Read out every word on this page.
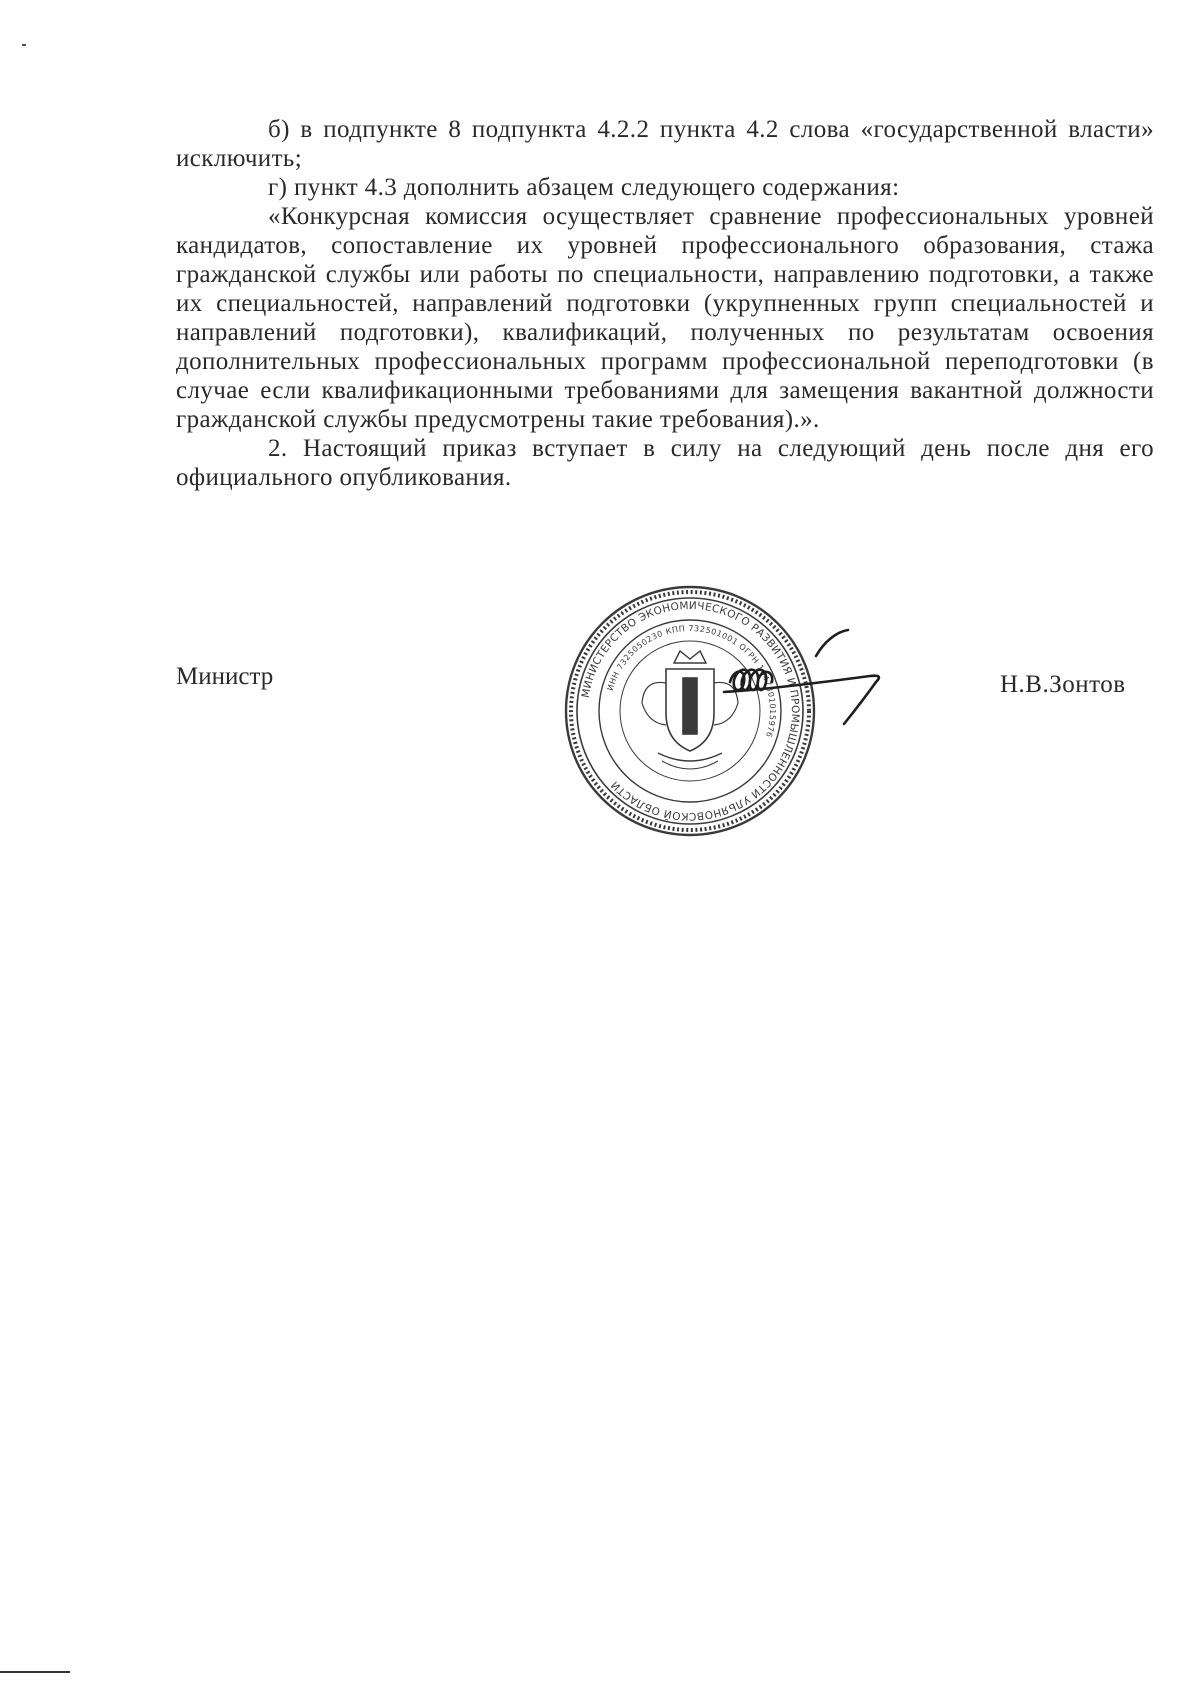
б) в подпункте 8 подпункта 4.2.2 пункта 4.2 слова «государственной власти» исключить;

г) пункт 4.3 дополнить абзацем следующего содержания:

«Конкурсная комиссия осуществляет сравнение профессиональных уровней кандидатов, сопоставление их уровней профессионального образования, стажа гражданской службы или работы по специальности, направлению подготовки, а также их специальностей, направлений подготовки (укрупненных групп специальностей и направлений подготовки), квалификаций, полученных по результатам освоения дополнительных профессиональных программ профессиональной переподготовки (в случае если квалификационными требованиями для замещения вакантной должности гражданской службы предусмотрены такие требования).».

2. Настоящий приказ вступает в силу на следующий день после дня его официального опубликования.

Министр
МИНИСТЕРСТВО ЭКОНОМИЧЕСКОГО РАЗВИТИЯ И ПРОМЫШЛЕННОСТИ УЛЬЯНОВСКОЙ ОБЛАСТИ
ИНН 7325050230 КПП 732501001 ОГРН 1047301015976
Н.В.Зонтов
